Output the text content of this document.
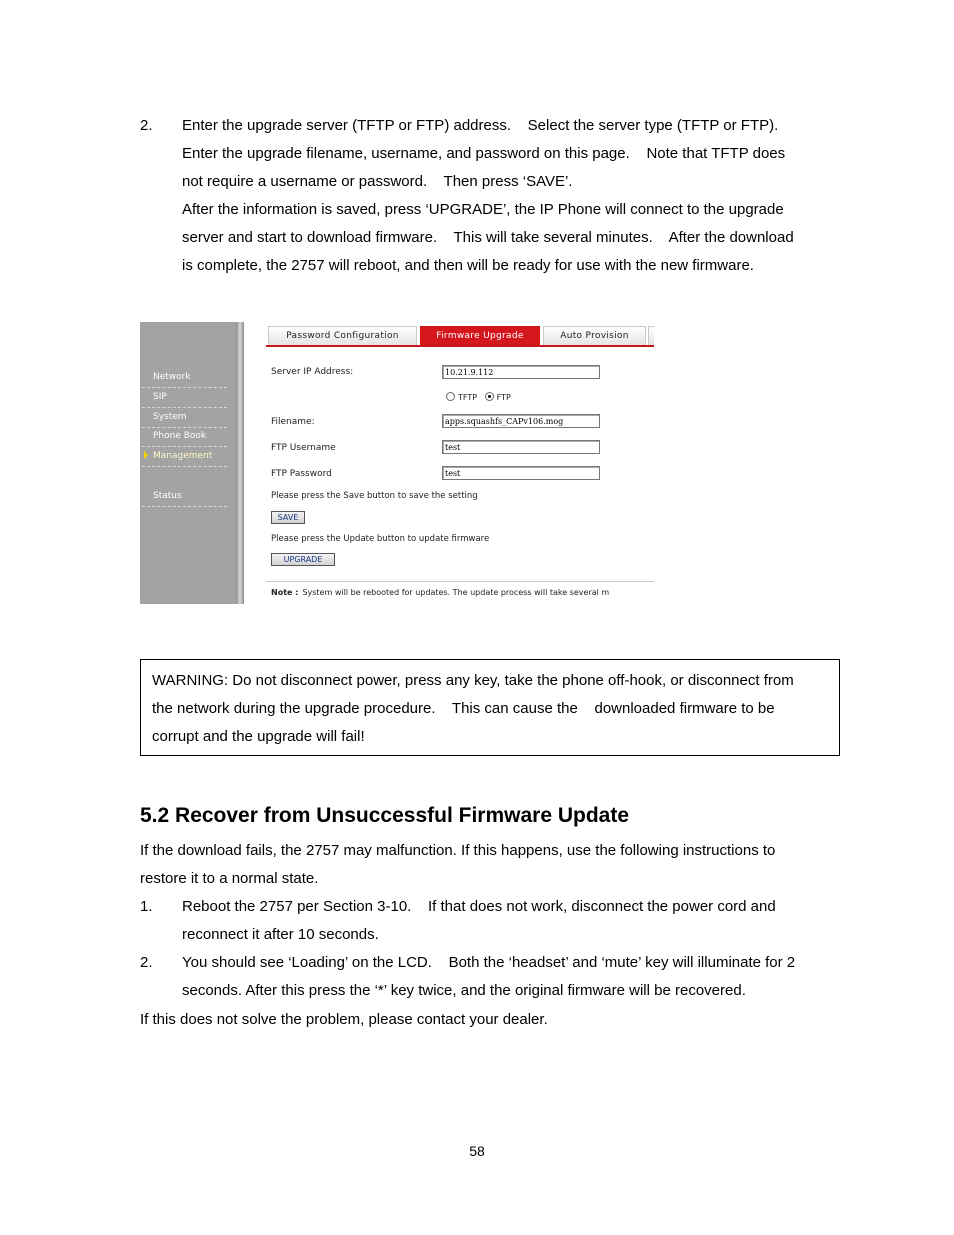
2. Enter the upgrade server (TFTP or FTP) address.    Select the server type (TFTP or FTP).
Enter the upgrade filename, username, and password on this page.    Note that TFTP does
not require a username or password.    Then press ‘SAVE’.
After the information is saved, press ‘UPGRADE’, the IP Phone will connect to the upgrade
server and start to download firmware.    This will take several minutes.    After the download
is complete, the 2757 will reboot, and then will be ready for use with the new firmware.
Network
SIP
System
Phone Book
Management
Status
Password Configuration	Firmware Upgrade	Auto Provision
Server IP Address:	10.21.9.112
TFTP FTP
Filename:	apps.squashfs_CAPv106.mog
FTP Username	test
FTP Password	test
Please press the Save button to save the setting
SAVE
Please press the Update button to update firmware
UPGRADE
Note : System will be rebooted for updates. The update process will take several m

WARNING: Do not disconnect power, press any key, take the phone off-hook, or disconnect from
the network during the upgrade procedure.    This can cause the    downloaded firmware to be
corrupt and the upgrade will fail!

5.2 Recover from Unsuccessful Firmware Update
If the download fails, the 2757 may malfunction. If this happens, use the following instructions to
restore it to a normal state.
1. Reboot the 2757 per Section 3-10.    If that does not work, disconnect the power cord and
reconnect it after 10 seconds.
2. You should see ‘Loading’ on the LCD.    Both the ‘headset’ and ‘mute’ key will illuminate for 2
seconds. After this press the ‘*’ key twice, and the original firmware will be recovered.
If this does not solve the problem, please contact your dealer.
58
